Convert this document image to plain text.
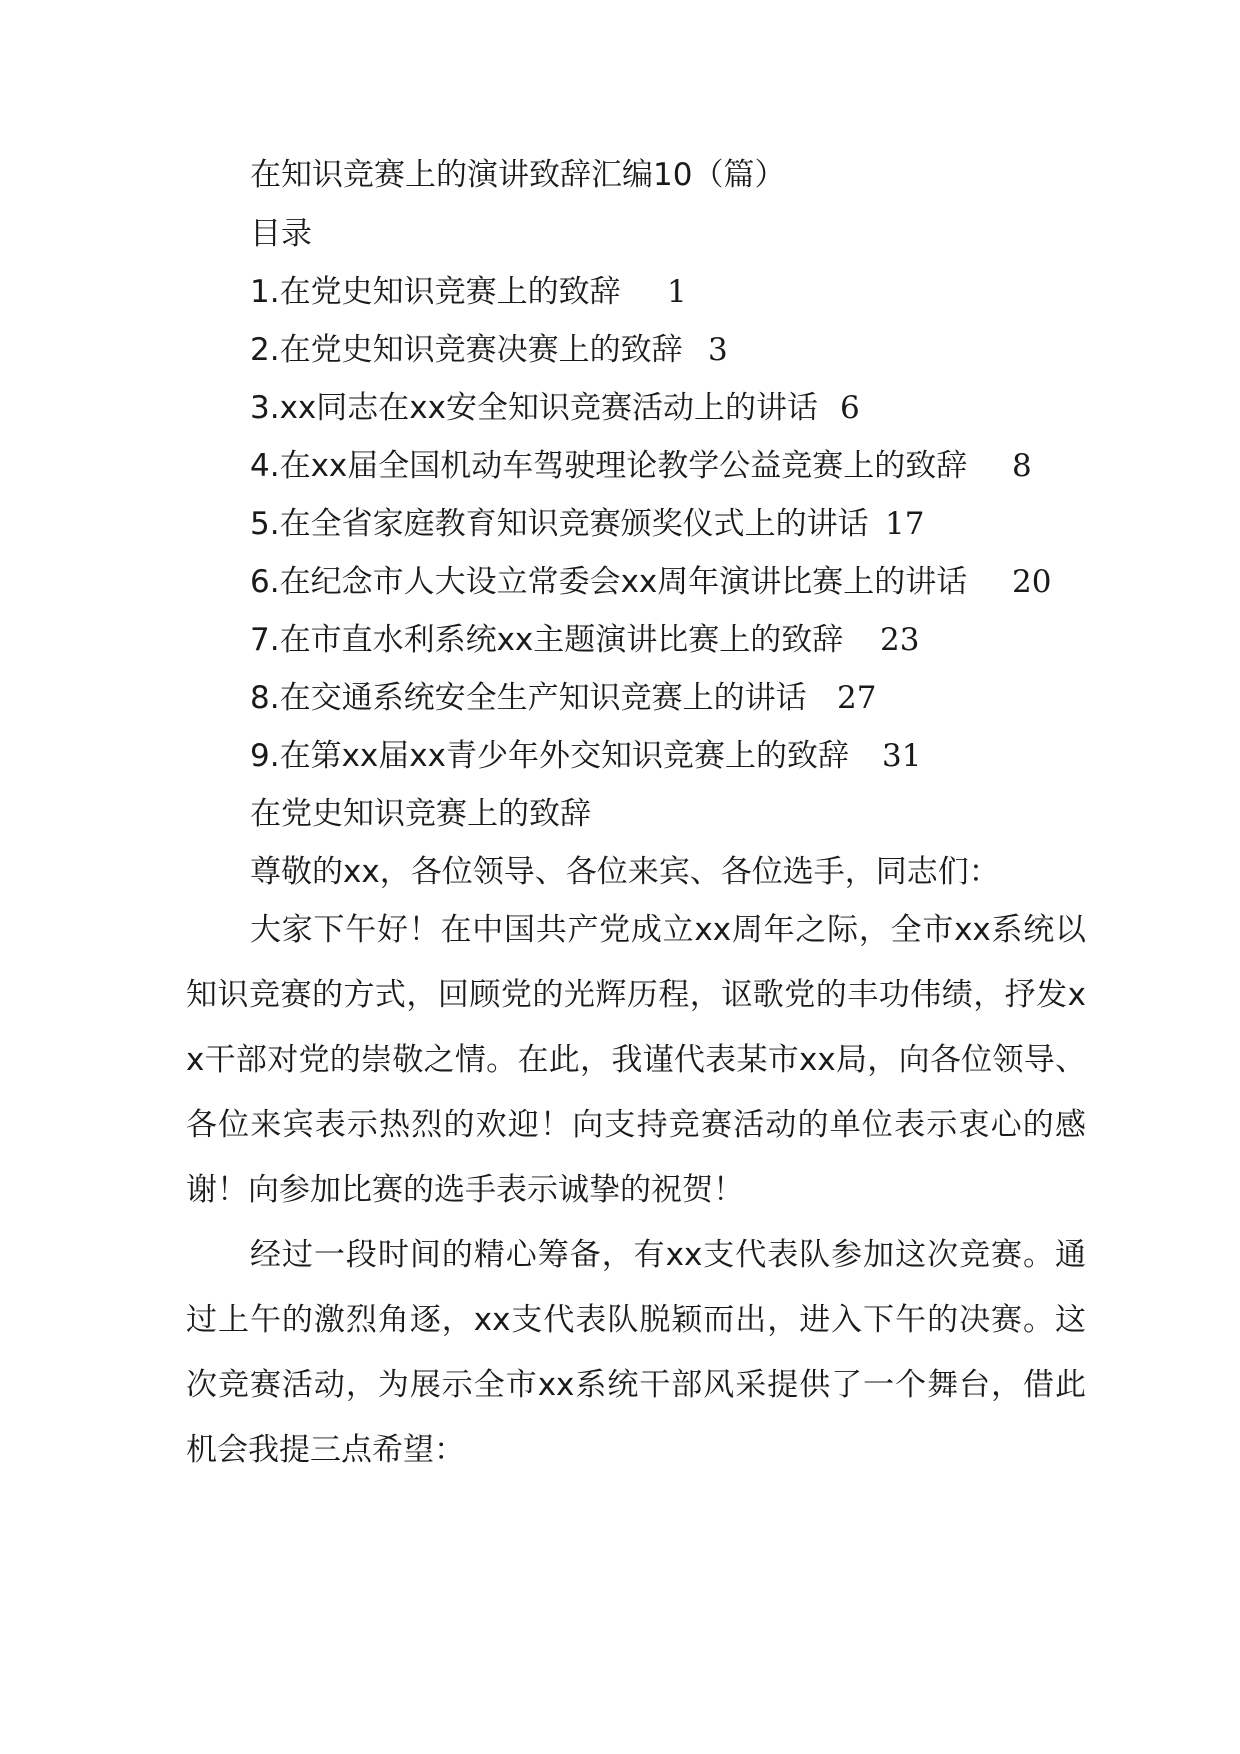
在知识竞赛上的演讲致辞汇编10（篇）
目录
1.在党史知识竞赛上的致辞 1
2.在党史知识竞赛决赛上的致辞 3
3.xx同志在xx安全知识竞赛活动上的讲话 6
4.在xx届全国机动车驾驶理论教学公益竞赛上的致辞 8
5.在全省家庭教育知识竞赛颁奖仪式上的讲话 17
6.在纪念市人大设立常委会xx周年演讲比赛上的讲话 20
7.在市直水利系统xx主题演讲比赛上的致辞 23
8.在交通系统安全生产知识竞赛上的讲话 27
9.在第xx届xx青少年外交知识竞赛上的致辞 31
在党史知识竞赛上的致辞
尊敬的xx，各位领导、各位来宾、各位选手，同志们：
大家下午好！在中国共产党成立xx周年之际，全市xx系统以知识竞赛的方式，回顾党的光辉历程，讴歌党的丰功伟绩，抒发xx干部对党的崇敬之情。在此，我谨代表某市xx局，向各位领导、各位来宾表示热烈的欢迎！向支持竞赛活动的单位表示衷心的感谢！向参加比赛的选手表示诚挚的祝贺！
经过一段时间的精心筹备，有xx支代表队参加这次竞赛。通过上午的激烈角逐，xx支代表队脱颖而出，进入下午的决赛。这次竞赛活动，为展示全市xx系统干部风采提供了一个舞台，借此机会我提三点希望：
